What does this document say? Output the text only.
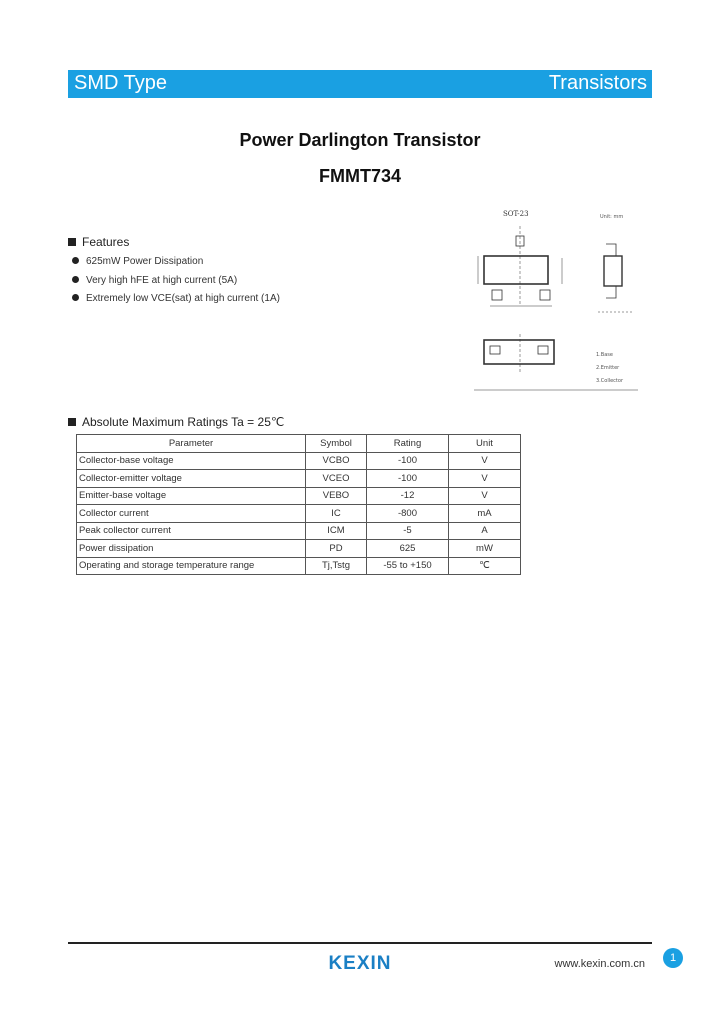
SMD Type	Transistors
Power Darlington Transistor
FMMT734
Features
625mW Power Dissipation
Very high hFE at high current (5A)
Extremely low VCE(sat) at high current (1A)
SOT-23	Unit: mm
1.Base
2.Emitter
3.Collector
Absolute Maximum Ratings Ta = 25℃
Parameter	Symbol	Rating	Unit
Collector-base voltage	VCBO	-100	V
Collector-emitter voltage	VCEO	-100	V
Emitter-base voltage	VEBO	-12	V
Collector current	IC	-800	mA
Peak collector current	ICM	-5	A
Power dissipation	PD	625	mW
Operating and storage temperature range	Tj,Tstg	-55 to +150	℃
KEXIN	www.kexin.com.cn	1
